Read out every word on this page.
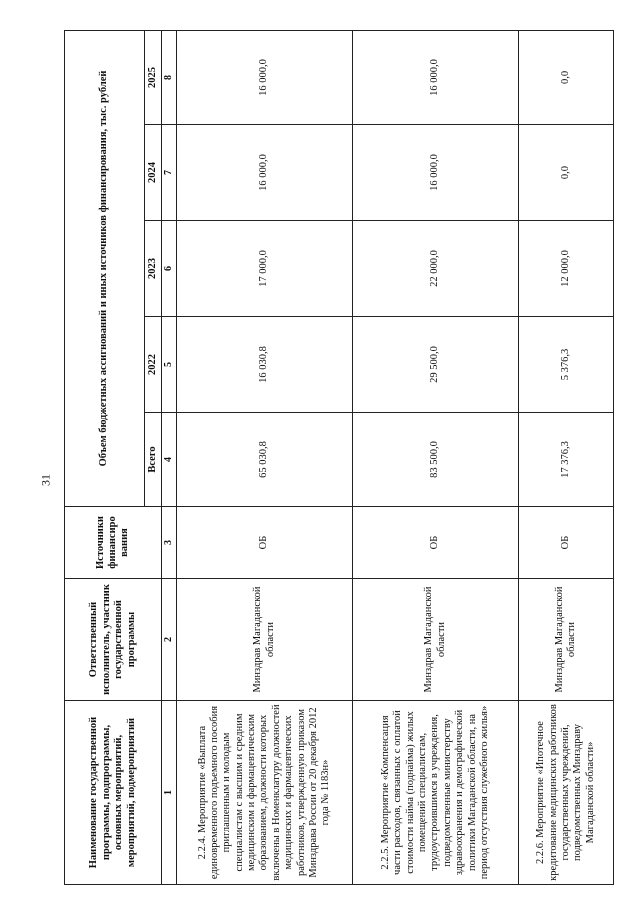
31
Наименование государственной программы, подпрограммы, основных мероприятий, мероприятий, подмероприятий	Ответственный исполнитель, участник государственной программы	Источники финансиро вания	Объем бюджетных ассигнований и иных источников финансирования, тыс. рублей				
			Всего	2022	2023	2024	2025
1	2	3	4	5	6	7	8
2.2.4. Мероприятие «Выплата единовременного подъемного пособия приглашенным и молодым специалистам с высшим и средним медицинским и фармацевтическим образованием, должности которых включены в Номенклатуру должностей медицинских и фармацевтических работников, утвержденную приказом Минздрава России от 20 декабря 2012 года № 1183н»	Минздрав Магаданской области	ОБ	65 030,8	16 030,8	17 000,0	16 000,0	16 000,0
2.2.5. Мероприятие «Компенсация части расходов, связанных с оплатой стоимости найма (поднайма) жилых помещений специалистам, трудоустроившимся в учреждения, подведомственные министерству здравоохранения и демографической политики Магаданской области, на период отсутствия служебного жилья»	Минздрав Магаданской области	ОБ	83 500,0	29 500,0	22 000,0	16 000,0	16 000,0
2.2.6. Мероприятие «Ипотечное кредитование медицинских работников государственных учреждений, подведомственных Минздраву Магаданской области»	Минздрав Магаданской области	ОБ	17 376,3	5 376,3	12 000,0	0,0	0,0
